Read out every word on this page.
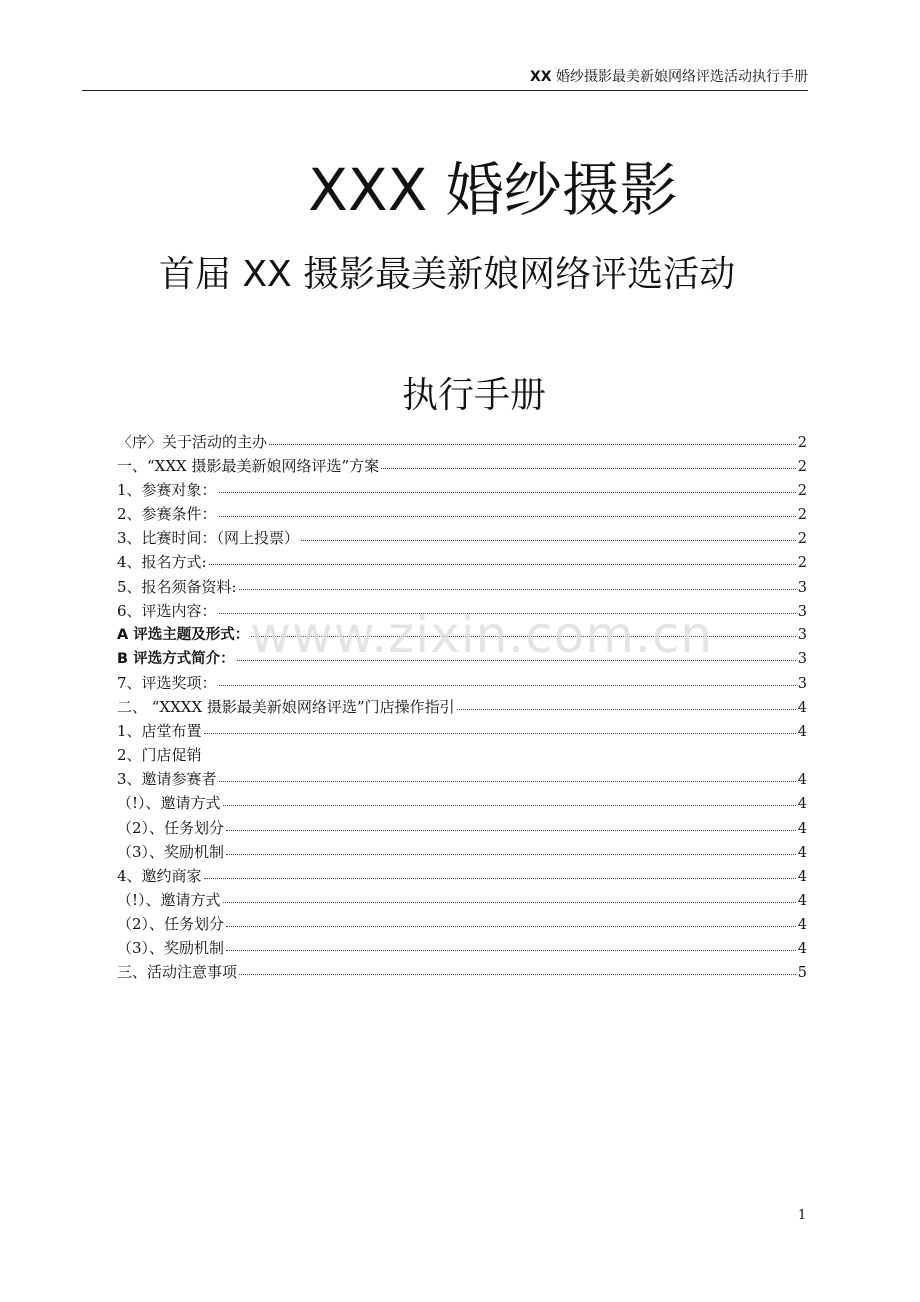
XX 婚纱摄影最美新娘网络评选活动执行手册
XXX 婚纱摄影
首届 XX 摄影最美新娘网络评选活动
执行手册
〈序〉关于活动的主办	2
一、“XXX 摄影最美新娘网络评选”方案	2
1、参赛对象：	2
2、参赛条件：	2
3、比赛时间：（网上投票）	2
4、报名方式:	2
5、报名须备资料:	3
6、评选内容：	3
A 评选主题及形式：	3
B 评选方式简介：	3
7、评选奖项：	3
二、 “XXXX 摄影最美新娘网络评选”门店操作指引	4
1、店堂布置	4
2、门店促销
3、邀请参赛者	4
（!）、邀请方式	4
（2）、任务划分	4
（3）、奖励机制	4
4、邀约商家	4
（!）、邀请方式	4
（2）、任务划分	4
（3）、奖励机制	4
三、活动注意事项	5
www.zixin.com.cn
1
